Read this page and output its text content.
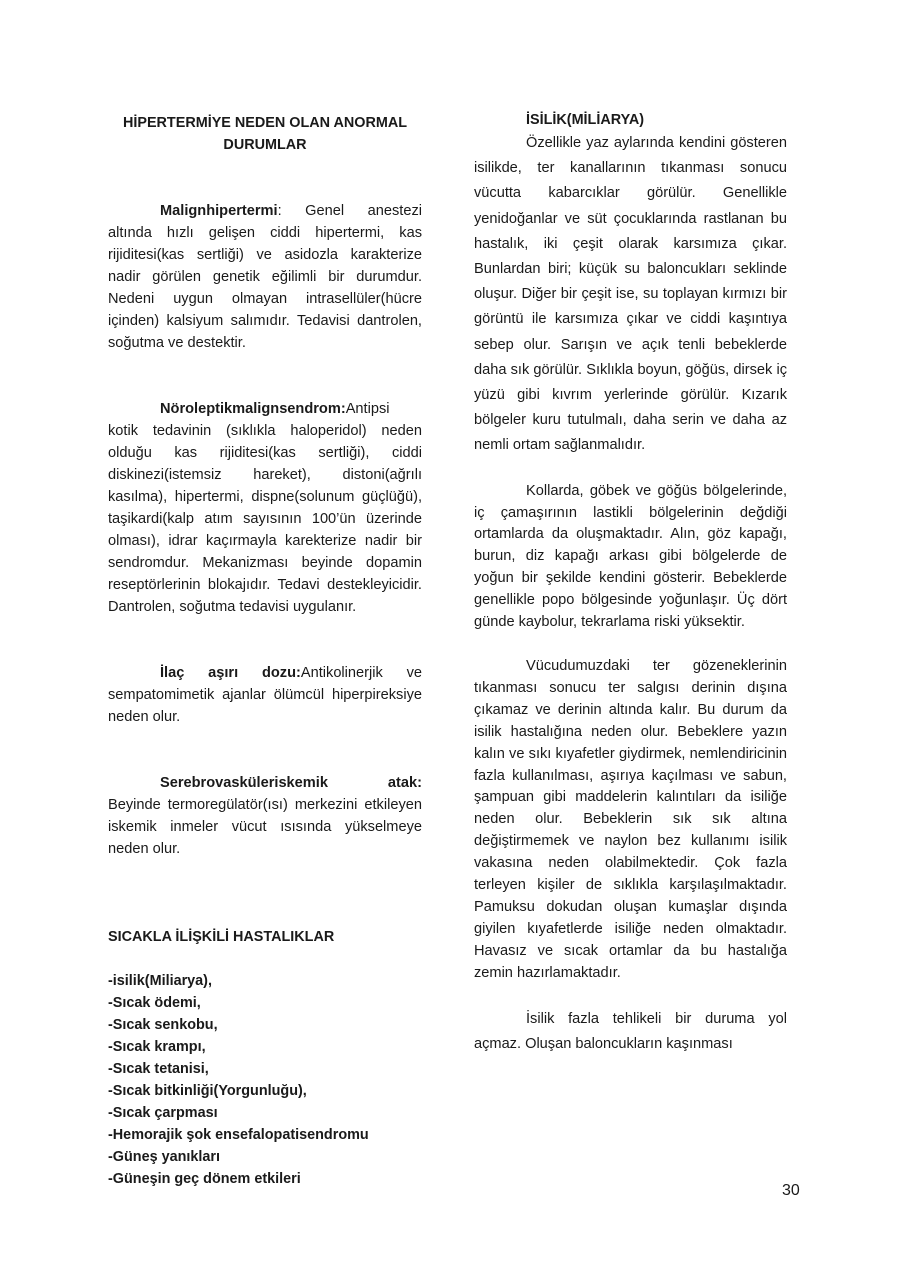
HİPERTERMİYE NEDEN OLAN ANORMAL DURUMLAR

Malignhipertermi: Genel anestezi altında hızlı gelişen ciddi hipertermi, kas rijiditesi(kas sertliği) ve asidozla karakterize nadir görülen genetik eğilimli bir durumdur. Nedeni uygun olmayan intrasellüler(hücre içinden) kalsiyum salımıdır. Tedavisi dantrolen, soğutma ve destektir.

Nöroleptikmalignsendrom:Antipsi kotik tedavinin (sıklıkla haloperidol) neden olduğu kas rijiditesi(kas sertliği), ciddi diskinezi(istemsiz hareket), distoni(ağrılı kasılma), hipertermi, dispne(solunum güçlüğü), taşikardi(kalp atım sayısının 100’ün üzerinde olması), idrar kaçırmayla karekterize nadir bir sendromdur. Mekanizması beyinde dopamin reseptörlerinin blokajıdır. Tedavi destekleyicidir. Dantrolen, soğutma tedavisi uygulanır.

İlaç aşırı dozu:Antikolinerjik ve sempatomimetik ajanlar ölümcül hiperpireksiye neden olur.

Serebrovasküleriskemik atak: Beyinde termoregülatör(ısı) merkezini etkileyen iskemik inmeler vücut ısısında yükselmeye neden olur.

SICAKLA İLİŞKİLİ HASTALIKLAR

-isilik(Miliarya),
-Sıcak ödemi,
-Sıcak senkobu,
-Sıcak krampı,
-Sıcak tetanisi,
-Sıcak bitkinliği(Yorgunluğu),
-Sıcak çarpması
-Hemorajik şok ensefalopatisendromu
-Güneş yanıkları
-Güneşin geç dönem etkileri

İSİLİK(MİLİARYA)

Özellikle yaz aylarında kendini gösteren isilikde, ter kanallarının tıkanması sonucu vücutta kabarcıklar görülür. Genellikle yenidoğanlar ve süt çocuklarında rastlanan bu hastalık, iki çeşit olarak karsımıza çıkar. Bunlardan biri; küçük su baloncukları seklinde oluşur. Diğer bir çeşit ise, su toplayan kırmızı bir görüntü ile karsımıza çıkar ve ciddi kaşıntıya sebep olur. Sarışın ve açık tenli bebeklerde daha sık görülür. Sıklıkla boyun, göğüs, dirsek iç yüzü gibi kıvrım yerlerinde görülür. Kızarık bölgeler kuru tutulmalı, daha serin ve daha az nemli ortam sağlanmalıdır.

Kollarda, göbek ve göğüs bölgelerinde, iç çamaşırının lastikli bölgelerinin değdiği ortamlarda da oluşmaktadır. Alın, göz kapağı, burun, diz kapağı arkası gibi bölgelerde de yoğun bir şekilde kendini gösterir. Bebeklerde genellikle popo bölgesinde yoğunlaşır. Üç dört günde kaybolur, tekrarlama riski yüksektir.

Vücudumuzdaki ter gözeneklerinin tıkanması sonucu ter salgısı derinin dışına çıkamaz ve derinin altında kalır. Bu durum da isilik hastalığına neden olur. Bebeklere yazın kalın ve sıkı kıyafetler giydirmek, nemlendiricinin fazla kullanılması, aşırıya kaçılması ve sabun, şampuan gibi maddelerin kalıntıları da isiliğe neden olur. Bebeklerin sık sık altına değiştirmemek ve naylon bez kullanımı isilik vakasına neden olabilmektedir. Çok fazla terleyen kişiler de sıklıkla karşılaşılmaktadır. Pamuksu dokudan oluşan kumaşlar dışında giyilen kıyafetlerde isiliğe neden olmaktadır. Havasız ve sıcak ortamlar da bu hastalığa zemin hazırlamaktadır.

İsilik fazla tehlikeli bir duruma yol açmaz. Oluşan baloncukların kaşınması

30
